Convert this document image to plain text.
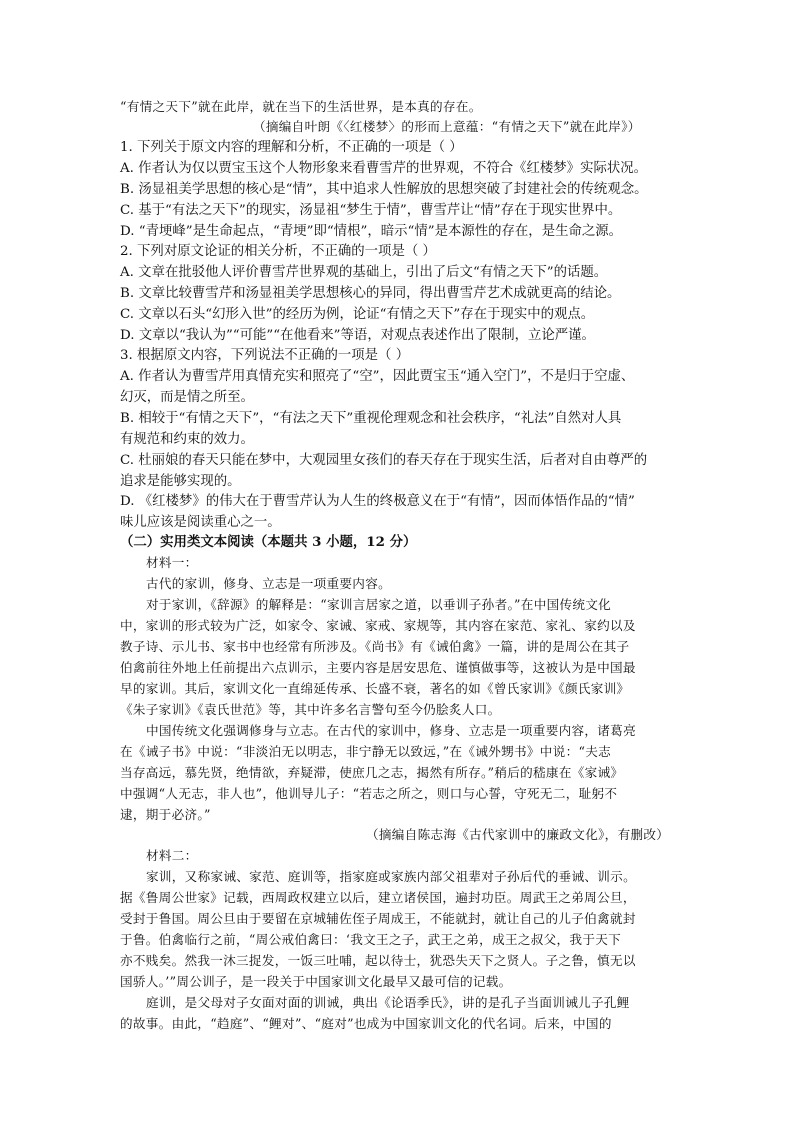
“有情之天下”就在此岸，就在当下的生活世界，是本真的存在。
（摘编自叶朗《〈红楼梦〉的形而上意蕴：“有情之天下”就在此岸》）
1. 下列关于原文内容的理解和分析，不正确的一项是（ ）
A. 作者认为仅以贾宝玉这个人物形象来看曹雪芹的世界观，不符合《红楼梦》实际状况。
B. 汤显祖美学思想的核心是“情”，其中追求人性解放的思想突破了封建社会的传统观念。
C. 基于“有法之天下”的现实，汤显祖“梦生于情”，曹雪芹让“情”存在于现实世界中。
D. “青埂峰”是生命起点，“青埂”即“情根”，暗示“情”是本源性的存在，是生命之源。
2. 下列对原文论证的相关分析，不正确的一项是（ ）
A. 文章在批驳他人评价曹雪芹世界观的基础上，引出了后文“有情之天下”的话题。
B. 文章比较曹雪芹和汤显祖美学思想核心的异同，得出曹雪芹艺术成就更高的结论。
C. 文章以石头“幻形入世”的经历为例，论证“有情之天下”存在于现实中的观点。
D. 文章以“我认为”“可能”“在他看来”等语，对观点表述作出了限制，立论严谨。
3. 根据原文内容，下列说法不正确的一项是（ ）
A. 作者认为曹雪芹用真情充实和照亮了“空”，因此贾宝玉“通入空门”，不是归于空虚、
幻灭，而是情之所至。
B. 相较于“有情之天下”，“有法之天下”重视伦理观念和社会秩序，“礼法”自然对人具
有规范和约束的效力。
C. 杜丽娘的春天只能在梦中，大观园里女孩们的春天存在于现实生活，后者对自由尊严的
追求是能够实现的。
D. 《红楼梦》的伟大在于曹雪芹认为人生的终极意义在于“有情”，因而体悟作品的“情”
味儿应该是阅读重心之一。
（二）实用类文本阅读（本题共 3 小题，12 分）
材料一：
古代的家训，修身、立志是一项重要内容。
对于家训，《辞源》的解释是：“家训言居家之道，以垂训子孙者。”在中国传统文化
中，家训的形式较为广泛，如家令、家诫、家戒、家规等，其内容在家范、家礼、家约以及
教子诗、示儿书、家书中也经常有所涉及。《尚书》有《诫伯禽》一篇，讲的是周公在其子
伯禽前往外地上任前提出六点训示，主要内容是居安思危、谨慎做事等，这被认为是中国最
早的家训。其后，家训文化一直绵延传承、长盛不衰，著名的如《曾氏家训》《颜氏家训》
《朱子家训》《袁氏世范》等，其中许多名言警句至今仍脍炙人口。
中国传统文化强调修身与立志。在古代的家训中，修身、立志是一项重要内容，诸葛亮
在《诫子书》中说：“非淡泊无以明志，非宁静无以致远，”在《诫外甥书》中说：“夫志
当存高远，慕先贤，绝情欲，弃疑滞，使庶几之志，揭然有所存。”稍后的嵇康在《家诫》
中强调“人无志，非人也”，他训导儿子：“若志之所之，则口与心誓，守死无二，耻躬不
逮，期于必济。”
（摘编自陈志海《古代家训中的廉政文化》，有删改）
材料二：
家训，又称家诫、家范、庭训等，指家庭或家族内部父祖辈对子孙后代的垂诫、训示。
据《鲁周公世家》记载，西周政权建立以后，建立诸侯国，遍封功臣。周武王之弟周公旦，
受封于鲁国。周公旦由于要留在京城辅佐侄子周成王，不能就封，就让自己的儿子伯禽就封
于鲁。伯禽临行之前，“周公戒伯禽曰：‘我文王之子，武王之弟，成王之叔父，我于天下
亦不贱矣。然我一沐三捉发，一饭三吐哺，起以待士，犹恐失天下之贤人。子之鲁，慎无以
国骄人。’”周公训子，是一段关于中国家训文化最早又最可信的记载。
庭训，是父母对子女面对面的训诫，典出《论语季氏》，讲的是孔子当面训诫儿子孔鲤
的故事。由此，“趋庭”、“鲤对”、“庭对”也成为中国家训文化的代名词。后来，中国的
